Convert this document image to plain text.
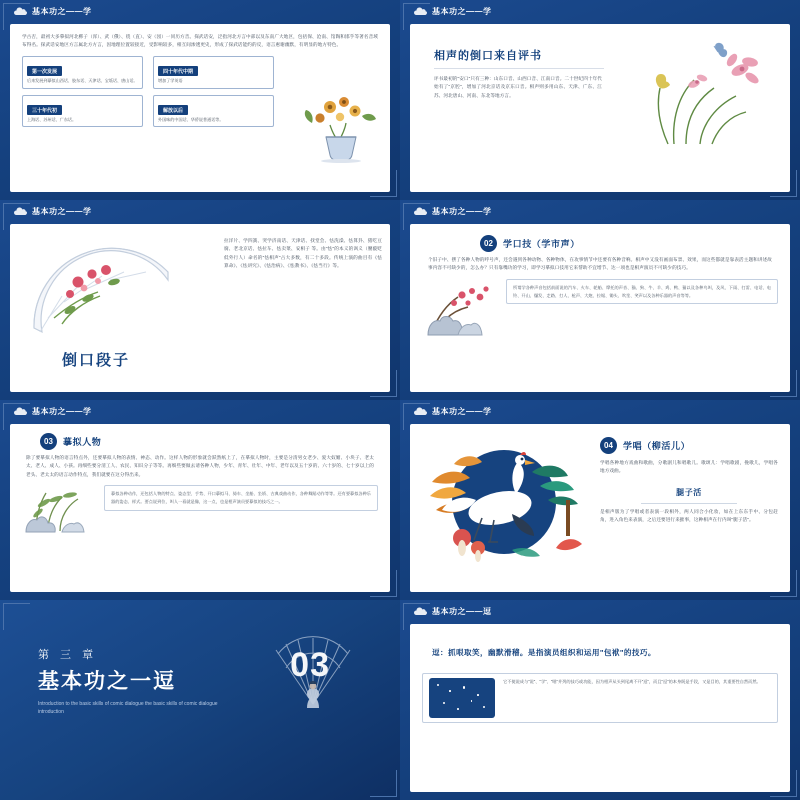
基本功之——学
学古否，最初大多摹拟河北梆子（浑）、武（俄）、绕（直）、安（园）一同历方音。探武话安，泛指河北方言中部以及东南广大地区，包括保、沧南、馆陶和邯乎等著名音域布得名。探武话安地区方言属北方方言，因地理位置较接近，受影响较多，相互间渗透更史，形成了探武话能约的反，语言惠谢幽默，有明显的地方特色。
第一次发展
后来发展到摹拟山西话、胶东话、天津话、宝坻话、唐山话。
四十年代中期
增加了学英语
三十年代初
上海话、苏州话、广东话。
解放以后
外国味的中国话、华侨说普通话等。
基本功之——学
相声的倒口来自评书
评书最初的"安口"只有三种：山东口音、山西口音、江南口音。二十世纪四十年代始有了"京腔"，增加了河北京话及京东口音。相声则多用山东、天津、广东、江苏、河北唐山、河南、东北等地方言。
基本功之——学
拉洋片、学四簧、哭学济南话、天津话、找堂会、怯洗澡、怯算卦、猪吃豆腐、老北京话、怯拉车、怯卖菜、安相子 等。由"怯"的本义的讽义（腰藐贬低外行人）命名的"怯相声"占大多数，有二十多段。传统上演的曲目有《怯算命》、《怯讲究》、《怯治病》、《怯教书》、《怯当行》等。
倒口段子
基本功之——学
02	学口技（学市声）
个旧子中、摆了各种人物的呼号声，还会遇到各种动物、各种物体，在攻事情节中还要有各种音响。相声中又没有画面布景、效果，而这些都就是靠表活主题和讲述故事内容不可缺少的，怎么办？只有靠嘴功的学习，即学习摹拟口技用它来帮助不宜增节、达一项也是相声演员不可缺少的技巧。
所谓学各种声音包括前面说的汽车、火车、轮船、摩托的声音、猫、狗、牛、羊、鸡、鸭、猫以及各种鸟叫，及风、下雨、打雷、电话、电铃、开山、爆发、走路、打人、枪声、大炮、拉锯、锄头、吹笙、笑声以及各种乐器的声音等等。
基本功之——学
03	摹拟人物
除了要摹拟人物的语言特点外，还要摹拟人物的表情、神态、动作。这样人物的形象就会跃然纸上了，在摹拟人物时，主要是分清男女老少、爱大奴媚、小块子、老太太、老人、成人、小孩。再细些要分清工人、农民、知识分子等等。再细些要做去请各种人物，少年、青年、壮年、中年、老年以及五十岁的、六十岁的、七十岁以上的老头、老太太的语言动作特点，我们就要在这分得出来。
摹拟各种动作，还包括人物的特点、姿态型、手势、开口摹拟马、骑车、坐船、坐轿、吉典戏曲动作，各种舞蹈动作等等。还有要摹拟各种乐器的姿态、样式。要点说到位，叫人一看就是像，这一点，也是相声演员要摹拟的技巧之一。
基本功之——学
04	学唱（柳活儿）
学唱各种地方戏曲和歌曲，分歌剧儿和唱歌儿。歌颂儿：学唱歌剧，挽歌儿，学唱各地方戏曲。
腿子活
是相声版为了学唱或者表演一段相外，两人同合小化妆，如在上东东手中、分包赶角，进入角色来表演，之后还要进行来摧事，这种相声在行内叫"腿子活"。
03
第 三 章
基本功之一逗
Introduction to the basic skills of comic dialogue the basic skills of comic dialogue introduction
基本功之——逗
逗：抓哏取笑，幽默滑稽。是指演员组织和运用"包袱"的技巧。
它不使说成与"说"、"学"、"唱"并列的技巧或功能，因为相声从头到尾离不开"逗"，而且"逗"的本身既是手段，又是目的，其重要性自然而然。
